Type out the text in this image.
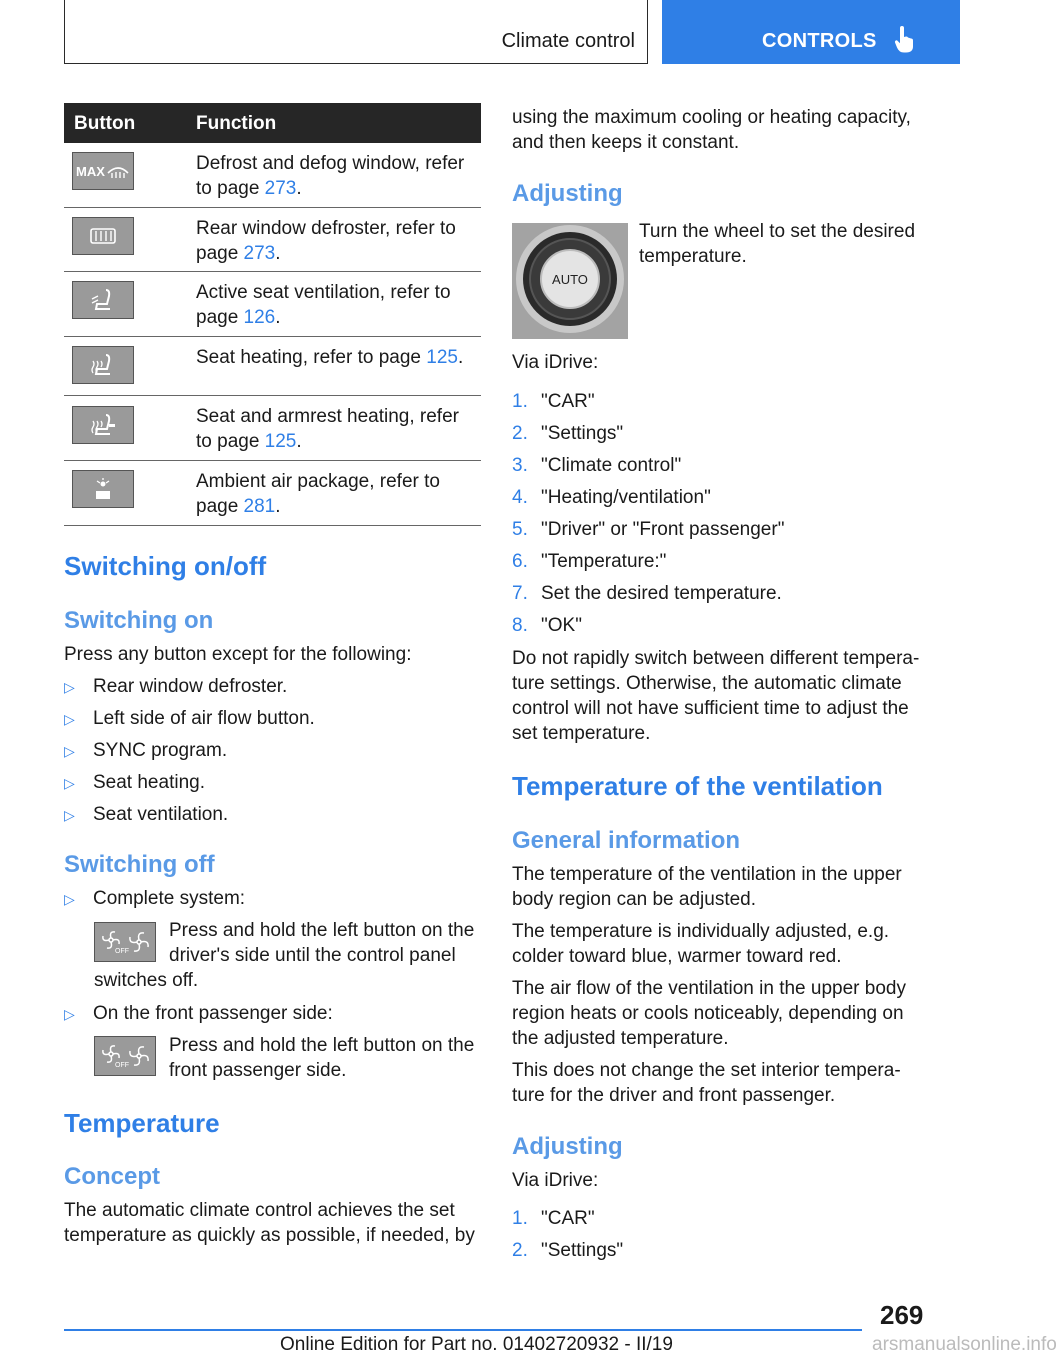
Climate control	CONTROLS
Button	Function
MAX	Defrost and defog window, refer to page 273.
Rear window defroster, refer to page 273.
Active seat ventilation, refer to page 126.
Seat heating, refer to page 125.
Seat and armrest heating, refer to page 125.
Ambient air package, refer to page 281.
Switching on/off
Switching on
Press any button except for the following:
▷ Rear window defroster.
▷ Left side of air flow button.
▷ SYNC program.
▷ Seat heating.
▷ Seat ventilation.
Switching off
▷ Complete system:
OFF
Press and hold the left button on the
driver's side until the control panel
switches off.
▷ On the front passenger side:
OFF
Press and hold the left button on the
front passenger side.
Temperature
Concept
The automatic climate control achieves the set
temperature as quickly as possible, if needed, by
using the maximum cooling or heating capacity,
and then keeps it constant.
Adjusting
AUTO
Turn the wheel to set the desired
temperature.
Via iDrive:
1. "CAR"
2. "Settings"
3. "Climate control"
4. "Heating/ventilation"
5. "Driver" or "Front passenger"
6. "Temperature:"
7. Set the desired temperature.
8. "OK"
Do not rapidly switch between different tempera-
ture settings. Otherwise, the automatic climate
control will not have sufficient time to adjust the
set temperature.
Temperature of the ventilation
General information
The temperature of the ventilation in the upper
body region can be adjusted.
The temperature is individually adjusted, e.g.
colder toward blue, warmer toward red.
The air flow of the ventilation in the upper body
region heats or cools noticeably, depending on
the adjusted temperature.
This does not change the set interior tempera-
ture for the driver and front passenger.
Adjusting
Via iDrive:
1. "CAR"
2. "Settings"
269
Online Edition for Part no. 01402720932 - II/19	arsmanualsonline.info
